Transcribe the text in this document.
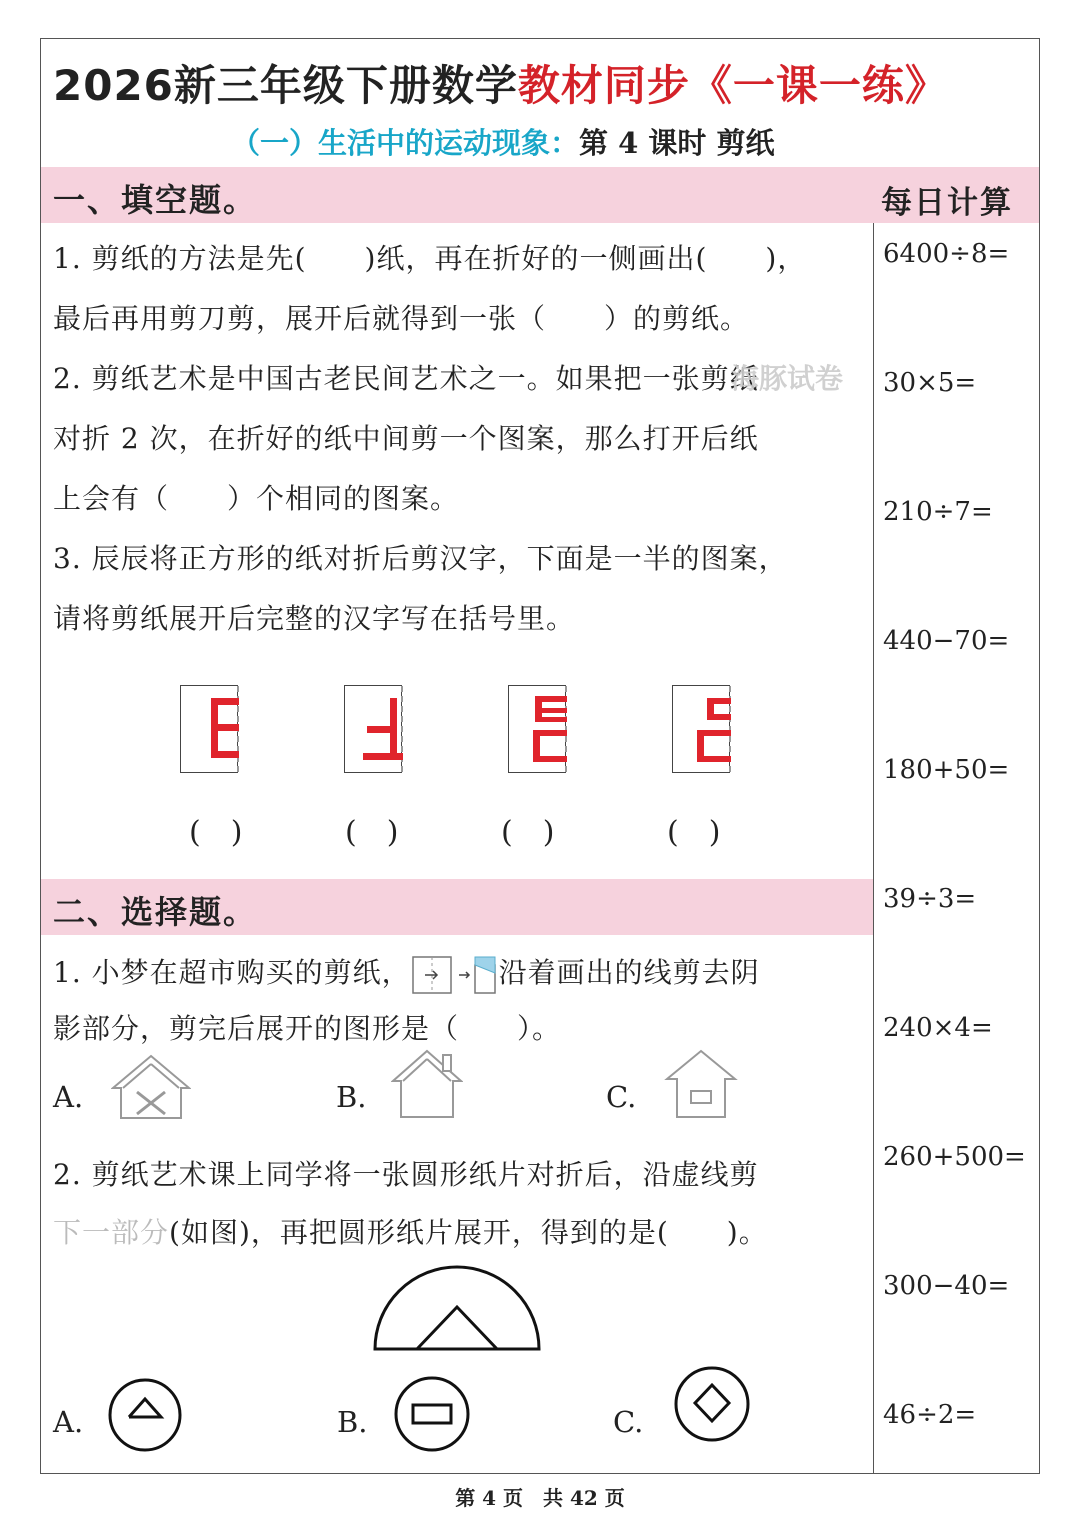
2026新三年级下册数学教材同步《一课一练》
（一）生活中的运动现象：第 4 课时 剪纸
一、填空题。
1. 剪纸的方法是先(　　)纸，再在折好的一侧画出(　　)，
最后再用剪刀剪，展开后就得到一张（　　）的剪纸。
2. 剪纸艺术是中国古老民间艺术之一。如果把一张剪纸
对折 2 次，在折好的纸中间剪一个图案，那么打开后纸
上会有（　　）个相同的图案。
3. 辰辰将正方形的纸对折后剪汉字，下面是一半的图案，
请将剪纸展开后完整的汉字写在括号里。
海豚试卷
(　)	(　)	(　)	(　)
二、选择题。
1. 小梦在超市购买的剪纸，	沿着画出的线剪去阴
影部分，剪完后展开的图形是（　　）。
A.	B.	C.
2. 剪纸艺术课上同学将一张圆形纸片对折后，沿虚线剪
下一部分(如图)，再把圆形纸片展开，得到的是(　　)。
A.	B.	C.
每日计算
6400÷8=
30×5=
210÷7=
440−70=
180+50=
39÷3=
240×4=
260+500=
300−40=
46÷2=
第 4 页　共 42 页
